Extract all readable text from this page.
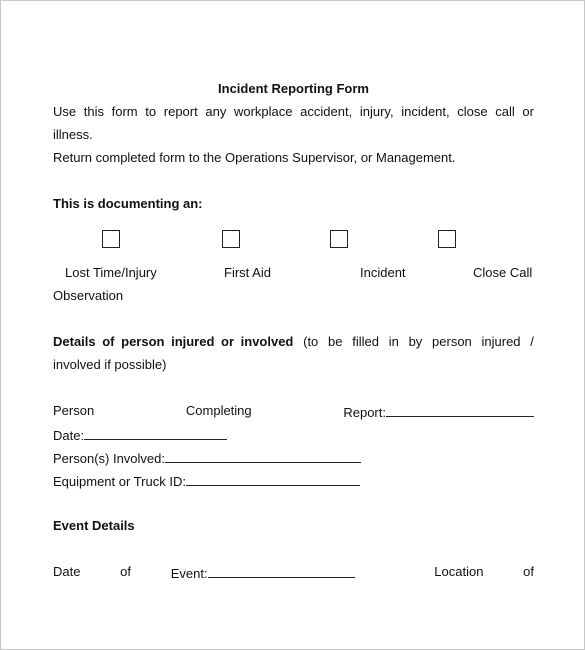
Incident Reporting Form
Use this form to report any workplace accident, injury, incident, close call or
illness.
Return completed form to the Operations Supervisor, or Management.
This is documenting an:
Lost Time/Injury	First Aid	Incident	Close Call
Observation
Details of person injured or involved (to be filled in by person injured /
involved if possible)
Person	Completing	Report:
Date:
Person(s) Involved:
Equipment or Truck ID:
Event Details
Date	of	Event:	Location	of
